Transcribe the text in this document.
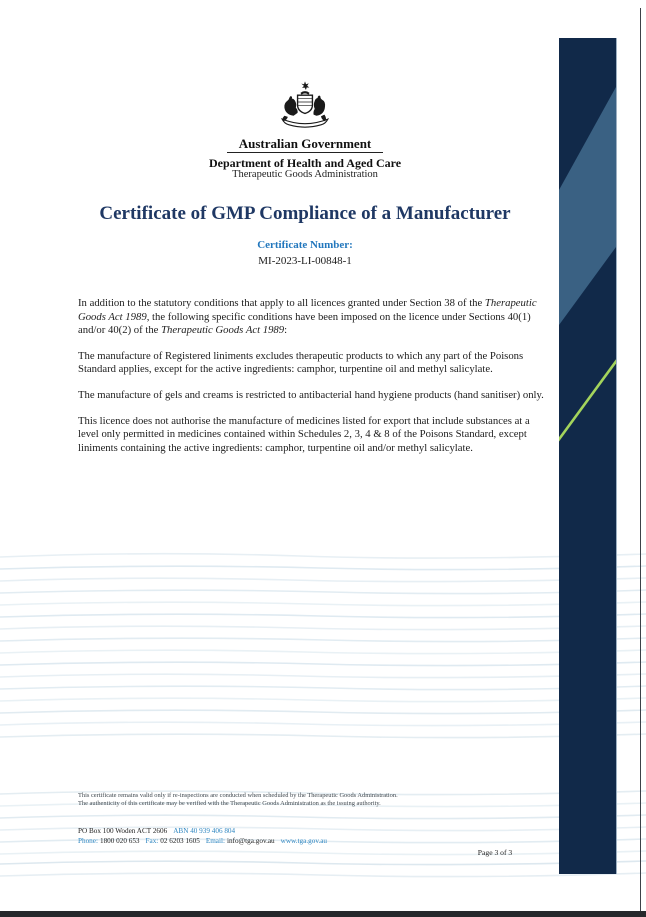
Australian Government
Department of Health and Aged Care
Therapeutic Goods Administration
Certificate of GMP Compliance of a Manufacturer
Certificate Number:
MI-2023-LI-00848-1

In addition to the statutory conditions that apply to all licences granted under Section 38 of the Therapeutic Goods Act 1989, the following specific conditions have been imposed on the licence under Sections 40(1) and/or 40(2) of the Therapeutic Goods Act 1989:

The manufacture of Registered liniments excludes therapeutic products to which any part of the Poisons Standard applies, except for the active ingredients: camphor, turpentine oil and methyl salicylate.

The manufacture of gels and creams is restricted to antibacterial hand hygiene products (hand sanitiser) only.

This licence does not authorise the manufacture of medicines listed for export that include substances at a level only permitted in medicines contained within Schedules 2, 3, 4 & 8 of the Poisons Standard, except liniments containing the active ingredients: camphor, turpentine oil and/or methyl salicylate.

This certificate remains valid only if re-inspections are conducted when scheduled by the Therapeutic Goods Administration.
The authenticity of this certificate may be verified with the Therapeutic Goods Administration as the issuing authority.
PO Box 100 Woden ACT 2606 ABN 40 939 406 804
Phone: 1800 020 653 Fax: 02 6203 1605 Email: info@tga.gov.au www.tga.gov.au
Page 3 of 3
